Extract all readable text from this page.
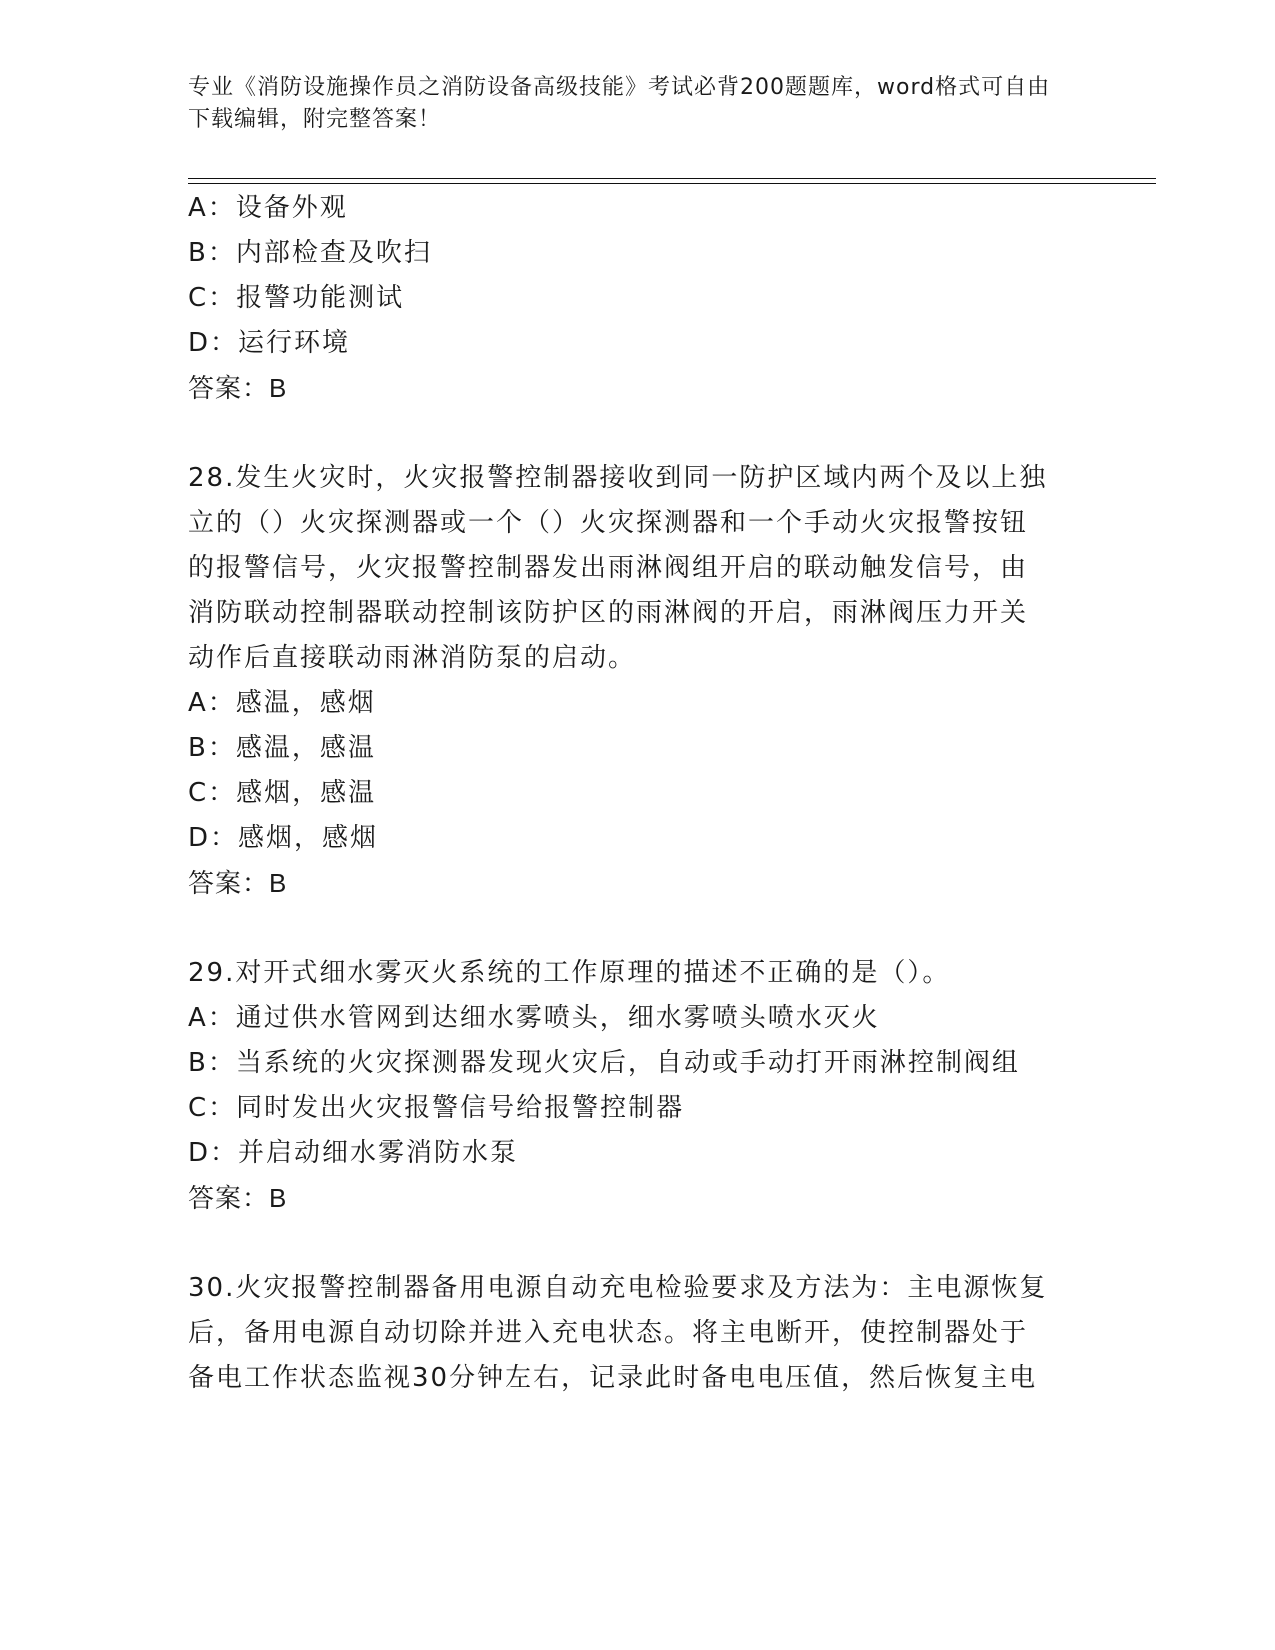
专业《消防设施操作员之消防设备高级技能》考试必背200题题库，word格式可自由下载编辑，附完整答案！
A：设备外观
B：内部检查及吹扫
C：报警功能测试
D：运行环境
答案：B
28.发生火灾时，火灾报警控制器接收到同一防护区域内两个及以上独
立的（）火灾探测器或一个（）火灾探测器和一个手动火灾报警按钮
的报警信号，火灾报警控制器发出雨淋阀组开启的联动触发信号，由
消防联动控制器联动控制该防护区的雨淋阀的开启，雨淋阀压力开关
动作后直接联动雨淋消防泵的启动。
A：感温，感烟
B：感温，感温
C：感烟，感温
D：感烟，感烟
答案：B
29.对开式细水雾灭火系统的工作原理的描述不正确的是（）。
A：通过供水管网到达细水雾喷头，细水雾喷头喷水灭火
B：当系统的火灾探测器发现火灾后，自动或手动打开雨淋控制阀组
C：同时发出火灾报警信号给报警控制器
D：并启动细水雾消防水泵
答案：B
30.火灾报警控制器备用电源自动充电检验要求及方法为：主电源恢复
后，备用电源自动切除并进入充电状态。将主电断开，使控制器处于
备电工作状态监视30分钟左右，记录此时备电电压值，然后恢复主电
